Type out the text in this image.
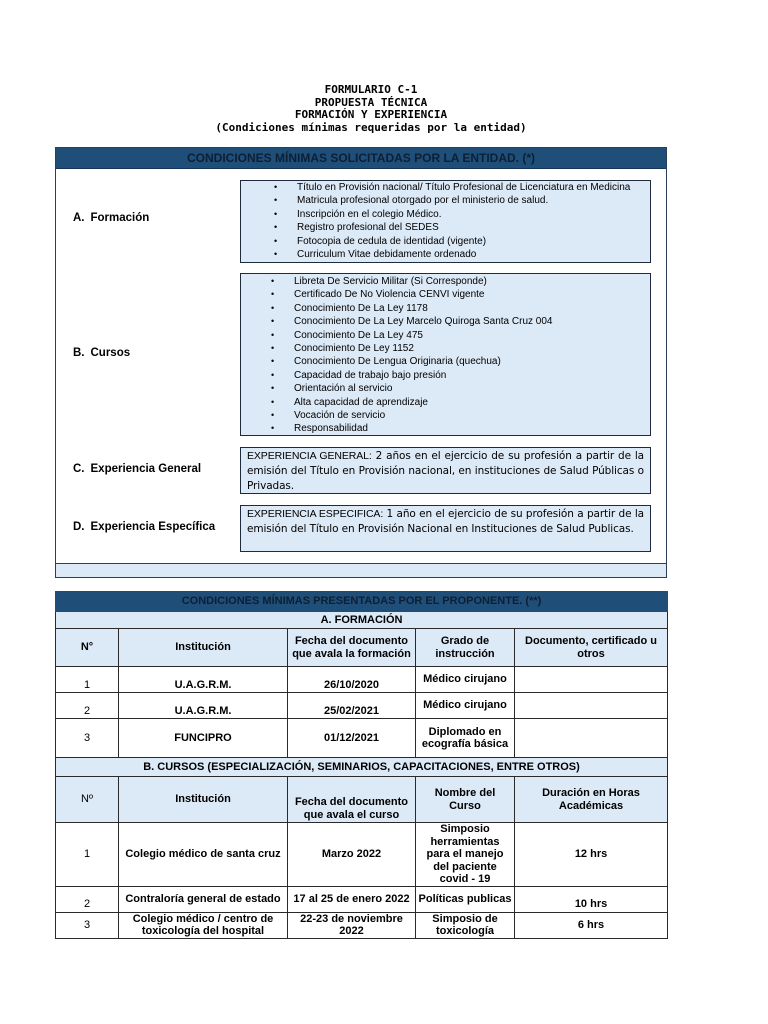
FORMULARIO C-1
PROPUESTA TÉCNICA
FORMACIÓN Y EXPERIENCIA
(Condiciones mínimas requeridas por la entidad)
CONDICIONES MÍNIMAS SOLICITADAS POR LA ENTIDAD. (*)
A. Formación
• Título en Provisión nacional/ Título Profesional de Licenciatura en Medicina
• Matricula profesional otorgado por el ministerio de salud.
• Inscripción en el colegio Médico.
• Registro profesional del SEDES
• Fotocopia de cedula de identidad (vigente)
• Curriculum Vitae debidamente ordenado
B. Cursos
• Libreta De Servicio Militar (Si Corresponde)
• Certificado De No Violencia CENVI vigente
• Conocimiento De La Ley 1178
• Conocimiento De La Ley Marcelo Quiroga Santa Cruz 004
• Conocimiento De La Ley 475
• Conocimiento De Ley 1152
• Conocimiento De Lengua Originaria (quechua)
• Capacidad de trabajo bajo presión
• Orientación al servicio
• Alta capacidad de aprendizaje
• Vocación de servicio
• Responsabilidad
C. Experiencia General
EXPERIENCIA GENERAL: 2 años en el ejercicio de su profesión a partir de la emisión del Título en Provisión nacional, en instituciones de Salud Públicas o Privadas.
D. Experiencia Específica
EXPERIENCIA ESPECIFICA: 1 año en el ejercicio de su profesión a partir de la emisión del Título en Provisión Nacional en Instituciones de Salud Publicas.
CONDICIONES MÍNIMAS PRESENTADAS POR EL PROPONENTE. (**)				
A. FORMACIÓN				
N°	Institución	Fecha del documento que avala la formación	Grado de instrucción	Documento, certificado u otros
1	U.A.G.R.M.	26/10/2020	Médico cirujano	
2	U.A.G.R.M.	25/02/2021	Médico cirujano	
3	FUNCIPRO	01/12/2021	Diplomado en ecografía básica	
B. CURSOS (ESPECIALIZACIÓN, SEMINARIOS, CAPACITACIONES, ENTRE OTROS)				
Nº	Institución	Fecha del documento que avala el curso	Nombre del Curso	Duración en Horas Académicas
1	Colegio médico de santa cruz	Marzo 2022	Simposio herramientas para el manejo del paciente covid - 19	12 hrs
2	Contraloría general de estado	17 al 25 de enero 2022	Políticas publicas	10 hrs
3	Colegio médico / centro de toxicología del hospital	22-23 de noviembre 2022	Simposio de toxicología	6 hrs
